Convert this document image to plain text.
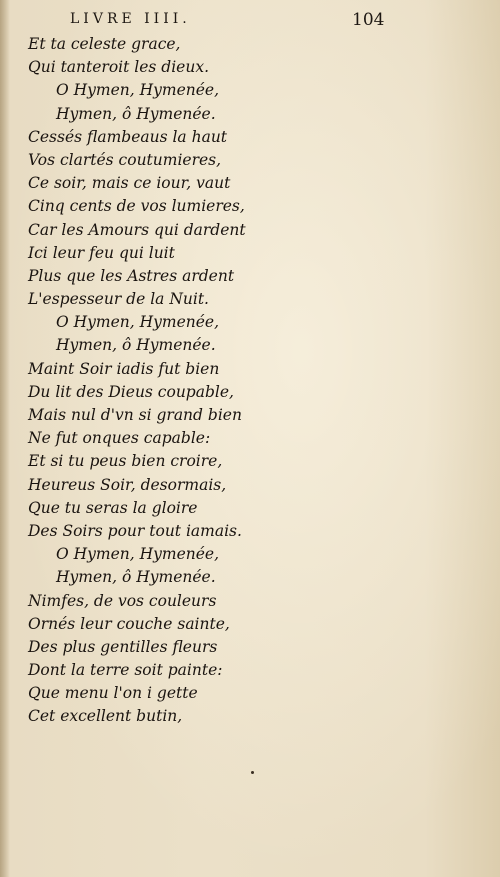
LIVRE IIII.	104
Et ta celeste grace,
Qui tanteroit les dieux.
O Hymen, Hymenée,
Hymen, ô Hymenée.
Cessés flambeaus la haut
Vos clartés coutumieres,
Ce soir, mais ce iour, vaut
Cinq cents de vos lumieres,
Car les Amours qui dardent
Ici leur feu qui luit
Plus que les Astres ardent
L'espesseur de la Nuit.
O Hymen, Hymenée,
Hymen, ô Hymenée.
Maint Soir iadis fut bien
Du lit des Dieus coupable,
Mais nul d'vn si grand bien
Ne fut onques capable:
Et si tu peus bien croire,
Heureus Soir, desormais,
Que tu seras la gloire
Des Soirs pour tout iamais.
O Hymen, Hymenée,
Hymen, ô Hymenée.
Nimfes, de vos couleurs
Ornés leur couche sainte,
Des plus gentilles fleurs
Dont la terre soit painte:
Que menu l'on i gette
Cet excellent butin,
